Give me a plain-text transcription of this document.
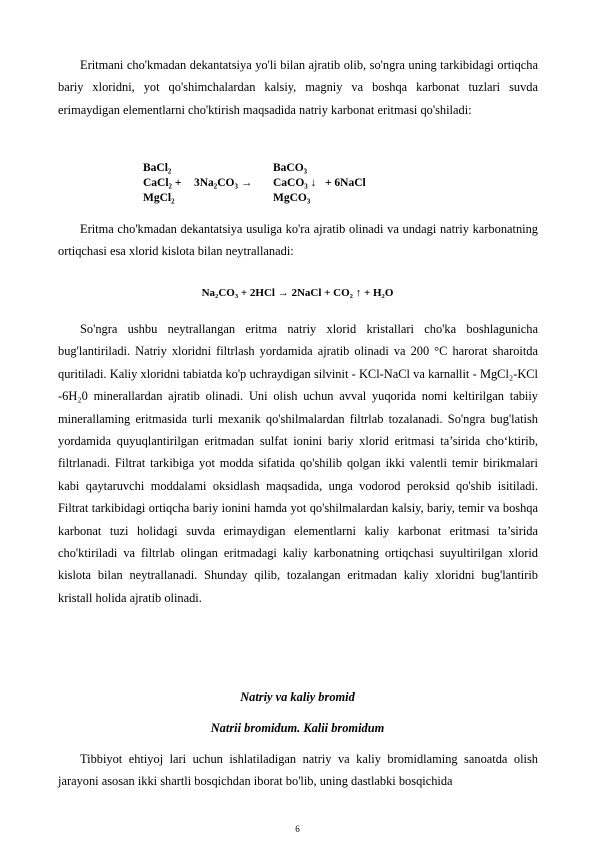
Eritmani cho'kmadan dekantatsiya yo'li bilan ajratib olib, so'ngra uning tarkibidagi ortiqcha bariy xloridni, yot qo'shimchalardan kalsiy, magniy va boshqa karbonat tuzlari suvda erimaydigan elementlarni cho'ktirish maqsadida natriy karbonat eritmasi qo'shiladi:

BaCl₂
CaCl₂ +
MgCl₂
3Na₂CO₃ →
BaCO₃
CaCO₃ ↓
MgCO₃
+ 6NaCl

Eritma cho'kmadan dekantatsiya usuliga ko'ra ajratib olinadi va undagi natriy karbonatning ortiqchasi esa xlorid kislota bilan neytrallanadi:

Na₂CO₃ + 2HCl → 2NaCl + CO₂ ↑ + H₂O

So'ngra ushbu neytrallangan eritma natriy xlorid kristallari cho'ka boshlagunicha bug'lantiriladi. Natriy xloridni filtrlash yordamida ajratib olinadi va 200 °C harorat sharoitda quritiladi. Kaliy xloridni tabiatda ko'p uchraydigan silvinit - KCl-NaCl va karnallit - MgCl₂-KCl -6H₂0 minerallardan ajratib olinadi. Uni olish uchun avval yuqorida nomi keltirilgan tabiiy minerallaming eritmasida turli mexanik qo'shilmalardan filtrlab tozalanadi. So'ngra bug'latish yordamida quyuqlantirilgan eritmadan sulfat ionini bariy xlorid eritmasi ta’sirida cho‘ktirib, filtrlanadi. Filtrat tarkibiga yot modda sifatida qo'shilib qolgan ikki valentli temir birikmalari kabi qaytaruvchi moddalami oksidlash maqsadida, unga vodorod peroksid qo'shib isitiladi. Filtrat tarkibidagi ortiqcha bariy ionini hamda yot qo'shilmalardan kalsiy, bariy, temir va boshqa karbonat tuzi holidagi suvda erimaydigan elementlarni kaliy karbonat eritmasi ta’sirida cho'ktiriladi va filtrlab olingan eritmadagi kaliy karbonatning ortiqchasi suyultirilgan xlorid kislota bilan neytrallanadi. Shunday qilib, tozalangan eritmadan kaliy xloridni bug'lantirib kristall holida ajratib olinadi.

Natriy va kaliy bromid
Natrii bromidum. Kalii bromidum

Tibbiyot ehtiyoj lari uchun ishlatiladigan natriy va kaliy bromidlaming sanoatda olish jarayoni asosan ikki shartli bosqichdan iborat bo'lib, uning dastlabki bosqichida

6
